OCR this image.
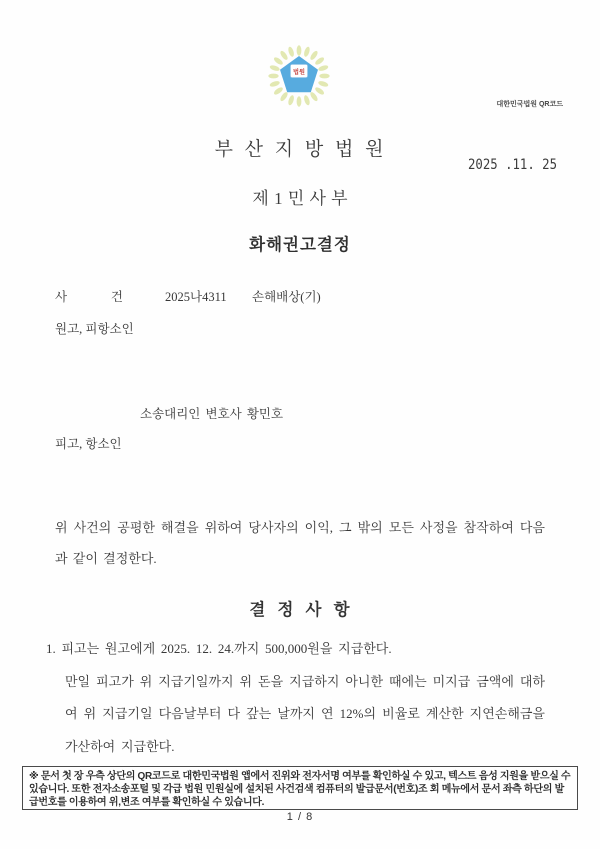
법원
대한민국법원 QR코드
부 산 지 방 법 원
2025 .11. 25
제 1 민 사 부
화해권고결정
사 건	2025나4311 손해배상(기)
원고, 피항소인
소송대리인 변호사 황민호
피고, 항소인
위 사건의 공평한 해결을 위하여 당사자의 이익, 그 밖의 모든 사정을 참작하여 다음
과 같이 결정한다.
결 정 사 항
1. 피고는 원고에게 2025. 12. 24.까지 500,000원을 지급한다.
만일 피고가 위 지급기일까지 위 돈을 지급하지 아니한 때에는 미지급 금액에 대하
여 위 지급기일 다음날부터 다 갚는 날까지 연 12%의 비율로 계산한 지연손해금을
가산하여 지급한다.
※ 문서 첫 장 우측 상단의 QR코드로 대한민국법원 앱에서 진위와 전자서명 여부를 확인하실 수 있고, 텍스트 음성 지원을 받으실 수 있습니다. 또한 전자소송포털 및 각급 법원 민원실에 설치된 사건검색 컴퓨터의 발급문서(번호)조 회 메뉴에서 문서 좌측 하단의 발급번호를 이용하여 위,변조 여부를 확인하실 수 있습니다.
1 / 8
